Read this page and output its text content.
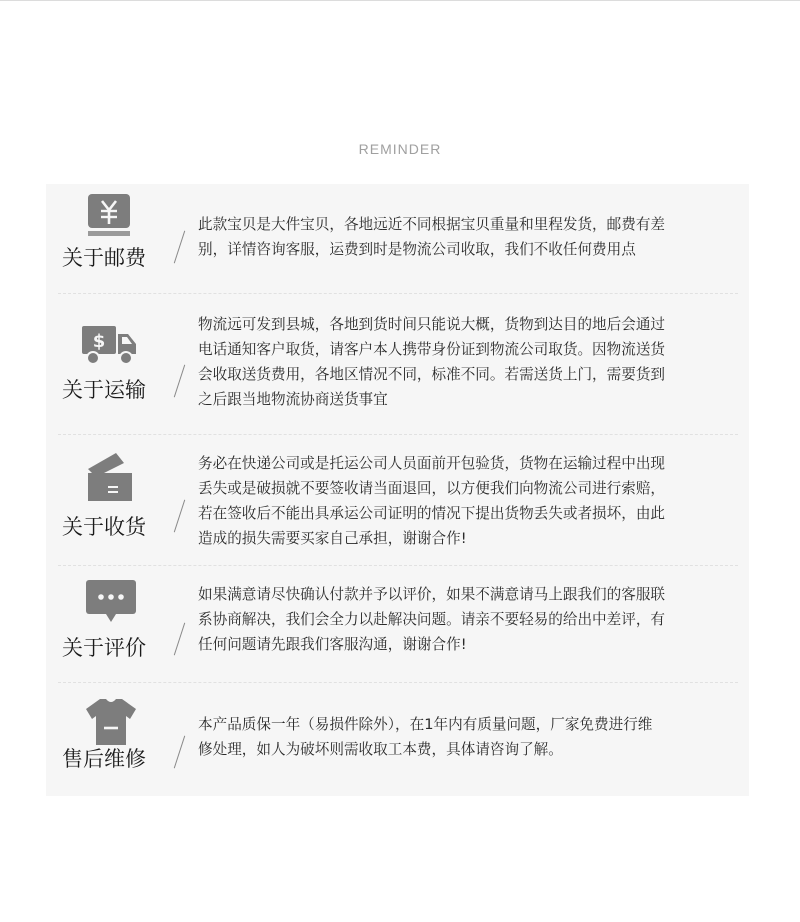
REMINDER
关于邮费
此款宝贝是大件宝贝，各地远近不同根据宝贝重量和里程发货，邮费有差
别，详情咨询客服，运费到时是物流公司收取，我们不收任何费用点
$
关于运输
物流远可发到县城，各地到货时间只能说大概，货物到达目的地后会通过
电话通知客户取货，请客户本人携带身份证到物流公司取货。因物流送货
会收取送货费用，各地区情况不同，标准不同。若需送货上门，需要货到
之后跟当地物流协商送货事宜
关于收货
务必在快递公司或是托运公司人员面前开包验货，货物在运输过程中出现
丢失或是破损就不要签收请当面退回，以方便我们向物流公司进行索赔，
若在签收后不能出具承运公司证明的情况下提出货物丢失或者损坏，由此
造成的损失需要买家自己承担，谢谢合作!
关于评价
如果满意请尽快确认付款并予以评价，如果不满意请马上跟我们的客服联
系协商解决，我们会全力以赴解决问题。请亲不要轻易的给出中差评，有
任何问题请先跟我们客服沟通，谢谢合作!
售后维修
本产品质保一年（易损件除外），在1年内有质量问题，厂家免费进行维
修处理，如人为破坏则需收取工本费，具体请咨询了解。
